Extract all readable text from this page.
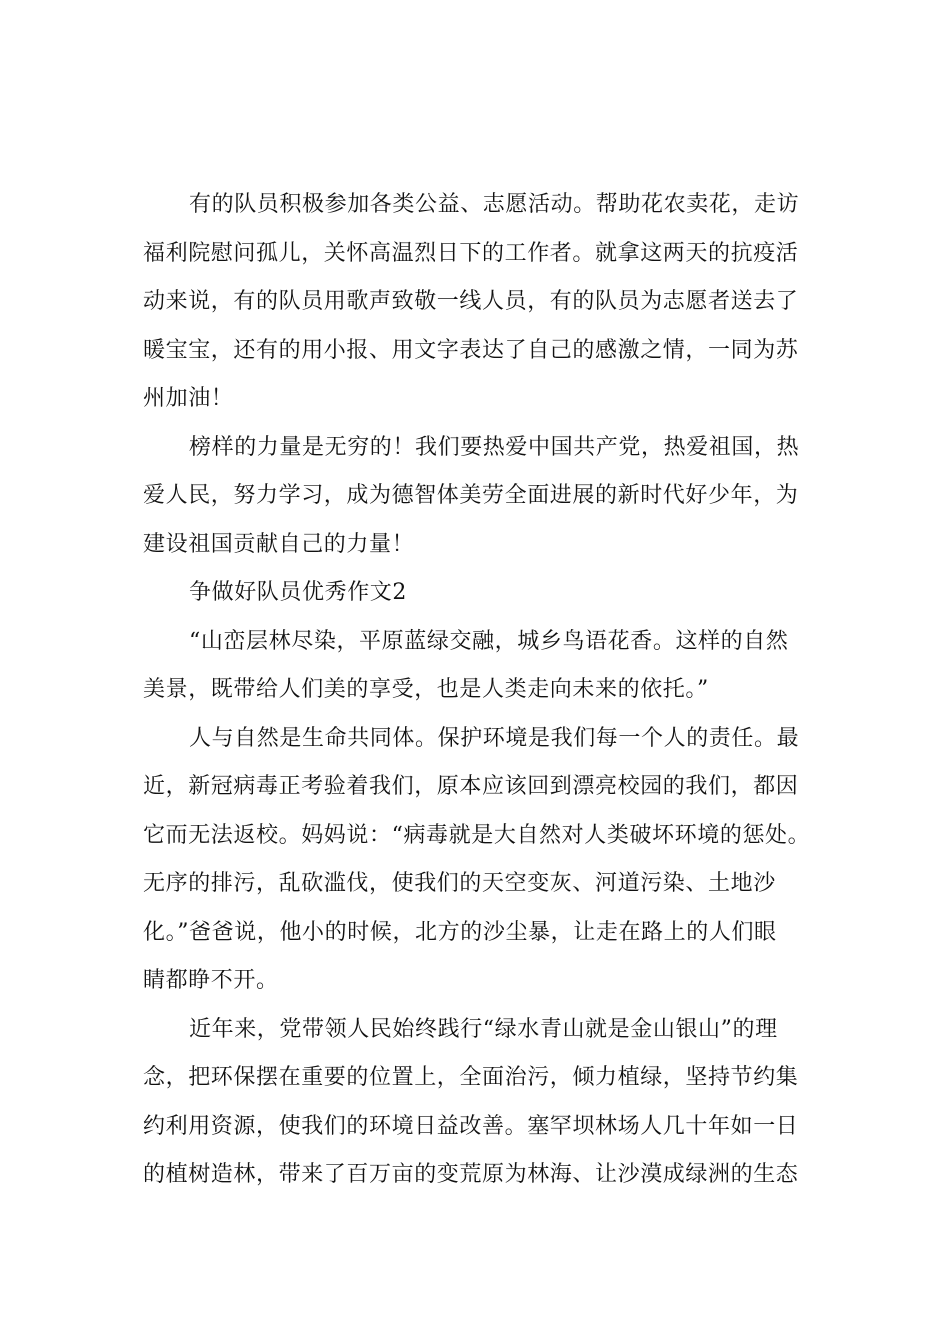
有的队员积极参加各类公益、志愿活动。帮助花农卖花，走访
福利院慰问孤儿，关怀高温烈日下的工作者。就拿这两天的抗疫活
动来说，有的队员用歌声致敬一线人员，有的队员为志愿者送去了
暖宝宝，还有的用小报、用文字表达了自己的感激之情，一同为苏
州加油！

榜样的力量是无穷的！我们要热爱中国共产党，热爱祖国，热
爱人民，努力学习，成为德智体美劳全面进展的新时代好少年，为
建设祖国贡献自己的力量！

争做好队员优秀作文2

“山峦层林尽染，平原蓝绿交融，城乡鸟语花香。这样的自然
美景，既带给人们美的享受，也是人类走向未来的依托。”

人与自然是生命共同体。保护环境是我们每一个人的责任。最
近，新冠病毒正考验着我们，原本应该回到漂亮校园的我们，都因
它而无法返校。妈妈说：“病毒就是大自然对人类破坏环境的惩处。
无序的排污，乱砍滥伐，使我们的天空变灰、河道污染、土地沙
化。”爸爸说，他小的时候，北方的沙尘暴，让走在路上的人们眼
睛都睁不开。

近年来，党带领人民始终践行“绿水青山就是金山银山”的理
念，把环保摆在重要的位置上，全面治污，倾力植绿，坚持节约集
约利用资源，使我们的环境日益改善。塞罕坝林场人几十年如一日
的植树造林，带来了百万亩的变荒原为林海、让沙漠成绿洲的生态
